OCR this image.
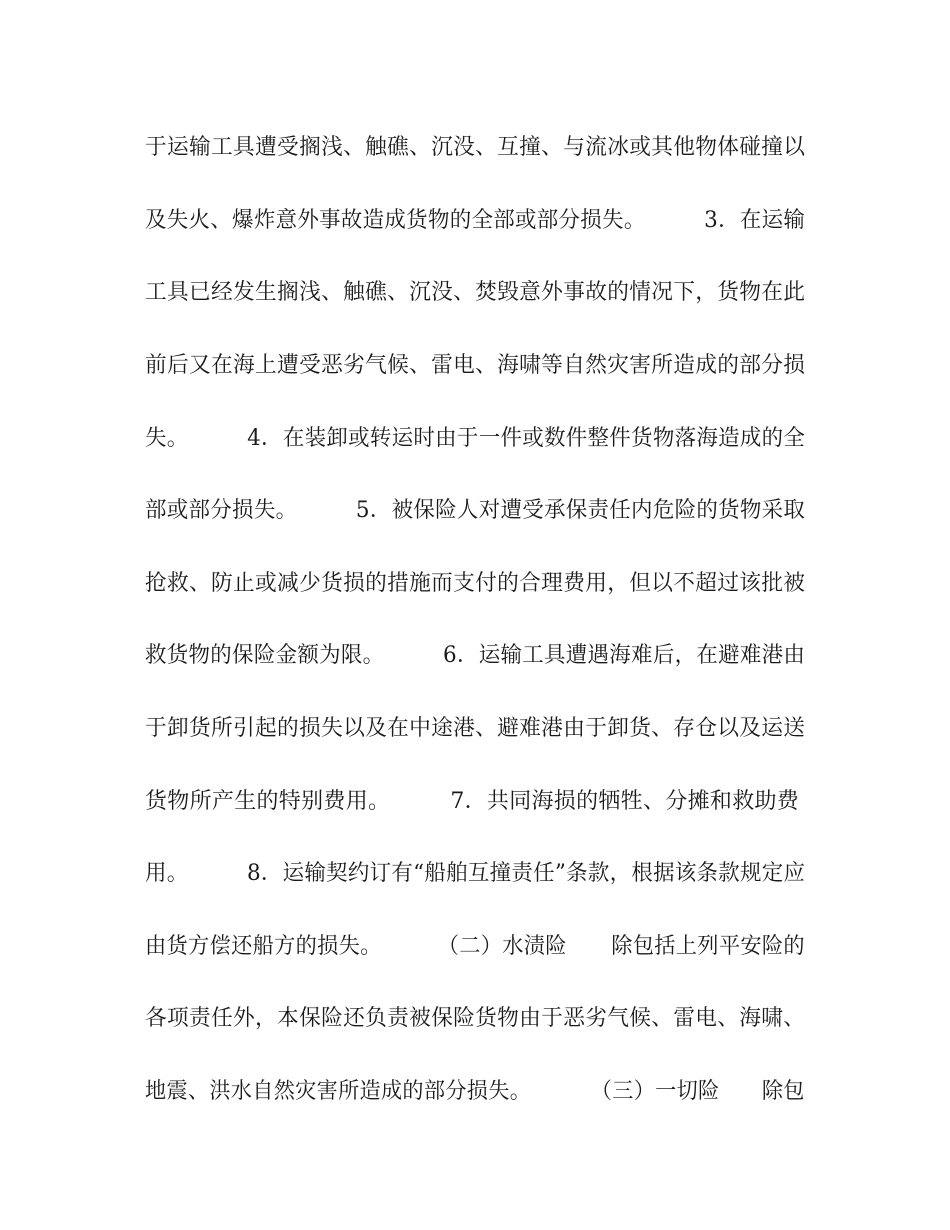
于运输工具遭受搁浅、触礁、沉没、互撞、与流冰或其他物体碰撞以
及失火、爆炸意外事故造成货物的全部或部分损失。	3．在运输
工具已经发生搁浅、触礁、沉没、焚毁意外事故的情况下，货物在此
前后又在海上遭受恶劣气候、雷电、海啸等自然灾害所造成的部分损
失。	4．在装卸或转运时由于一件或数件整件货物落海造成的全
部或部分损失。	5．被保险人对遭受承保责任内危险的货物采取
抢救、防止或减少货损的措施而支付的合理费用，但以不超过该批被
救货物的保险金额为限。	6．运输工具遭遇海难后，在避难港由
于卸货所引起的损失以及在中途港、避难港由于卸货、存仓以及运送
货物所产生的特别费用。	7．共同海损的牺牲、分摊和救助费
用。	8．运输契约订有“船舶互撞责任”条款，根据该条款规定应
由货方偿还船方的损失。	（二）水渍险 除包括上列平安险的
各项责任外，本保险还负责被保险货物由于恶劣气候、雷电、海啸、
地震、洪水自然灾害所造成的部分损失。	（三）一切险 除包
